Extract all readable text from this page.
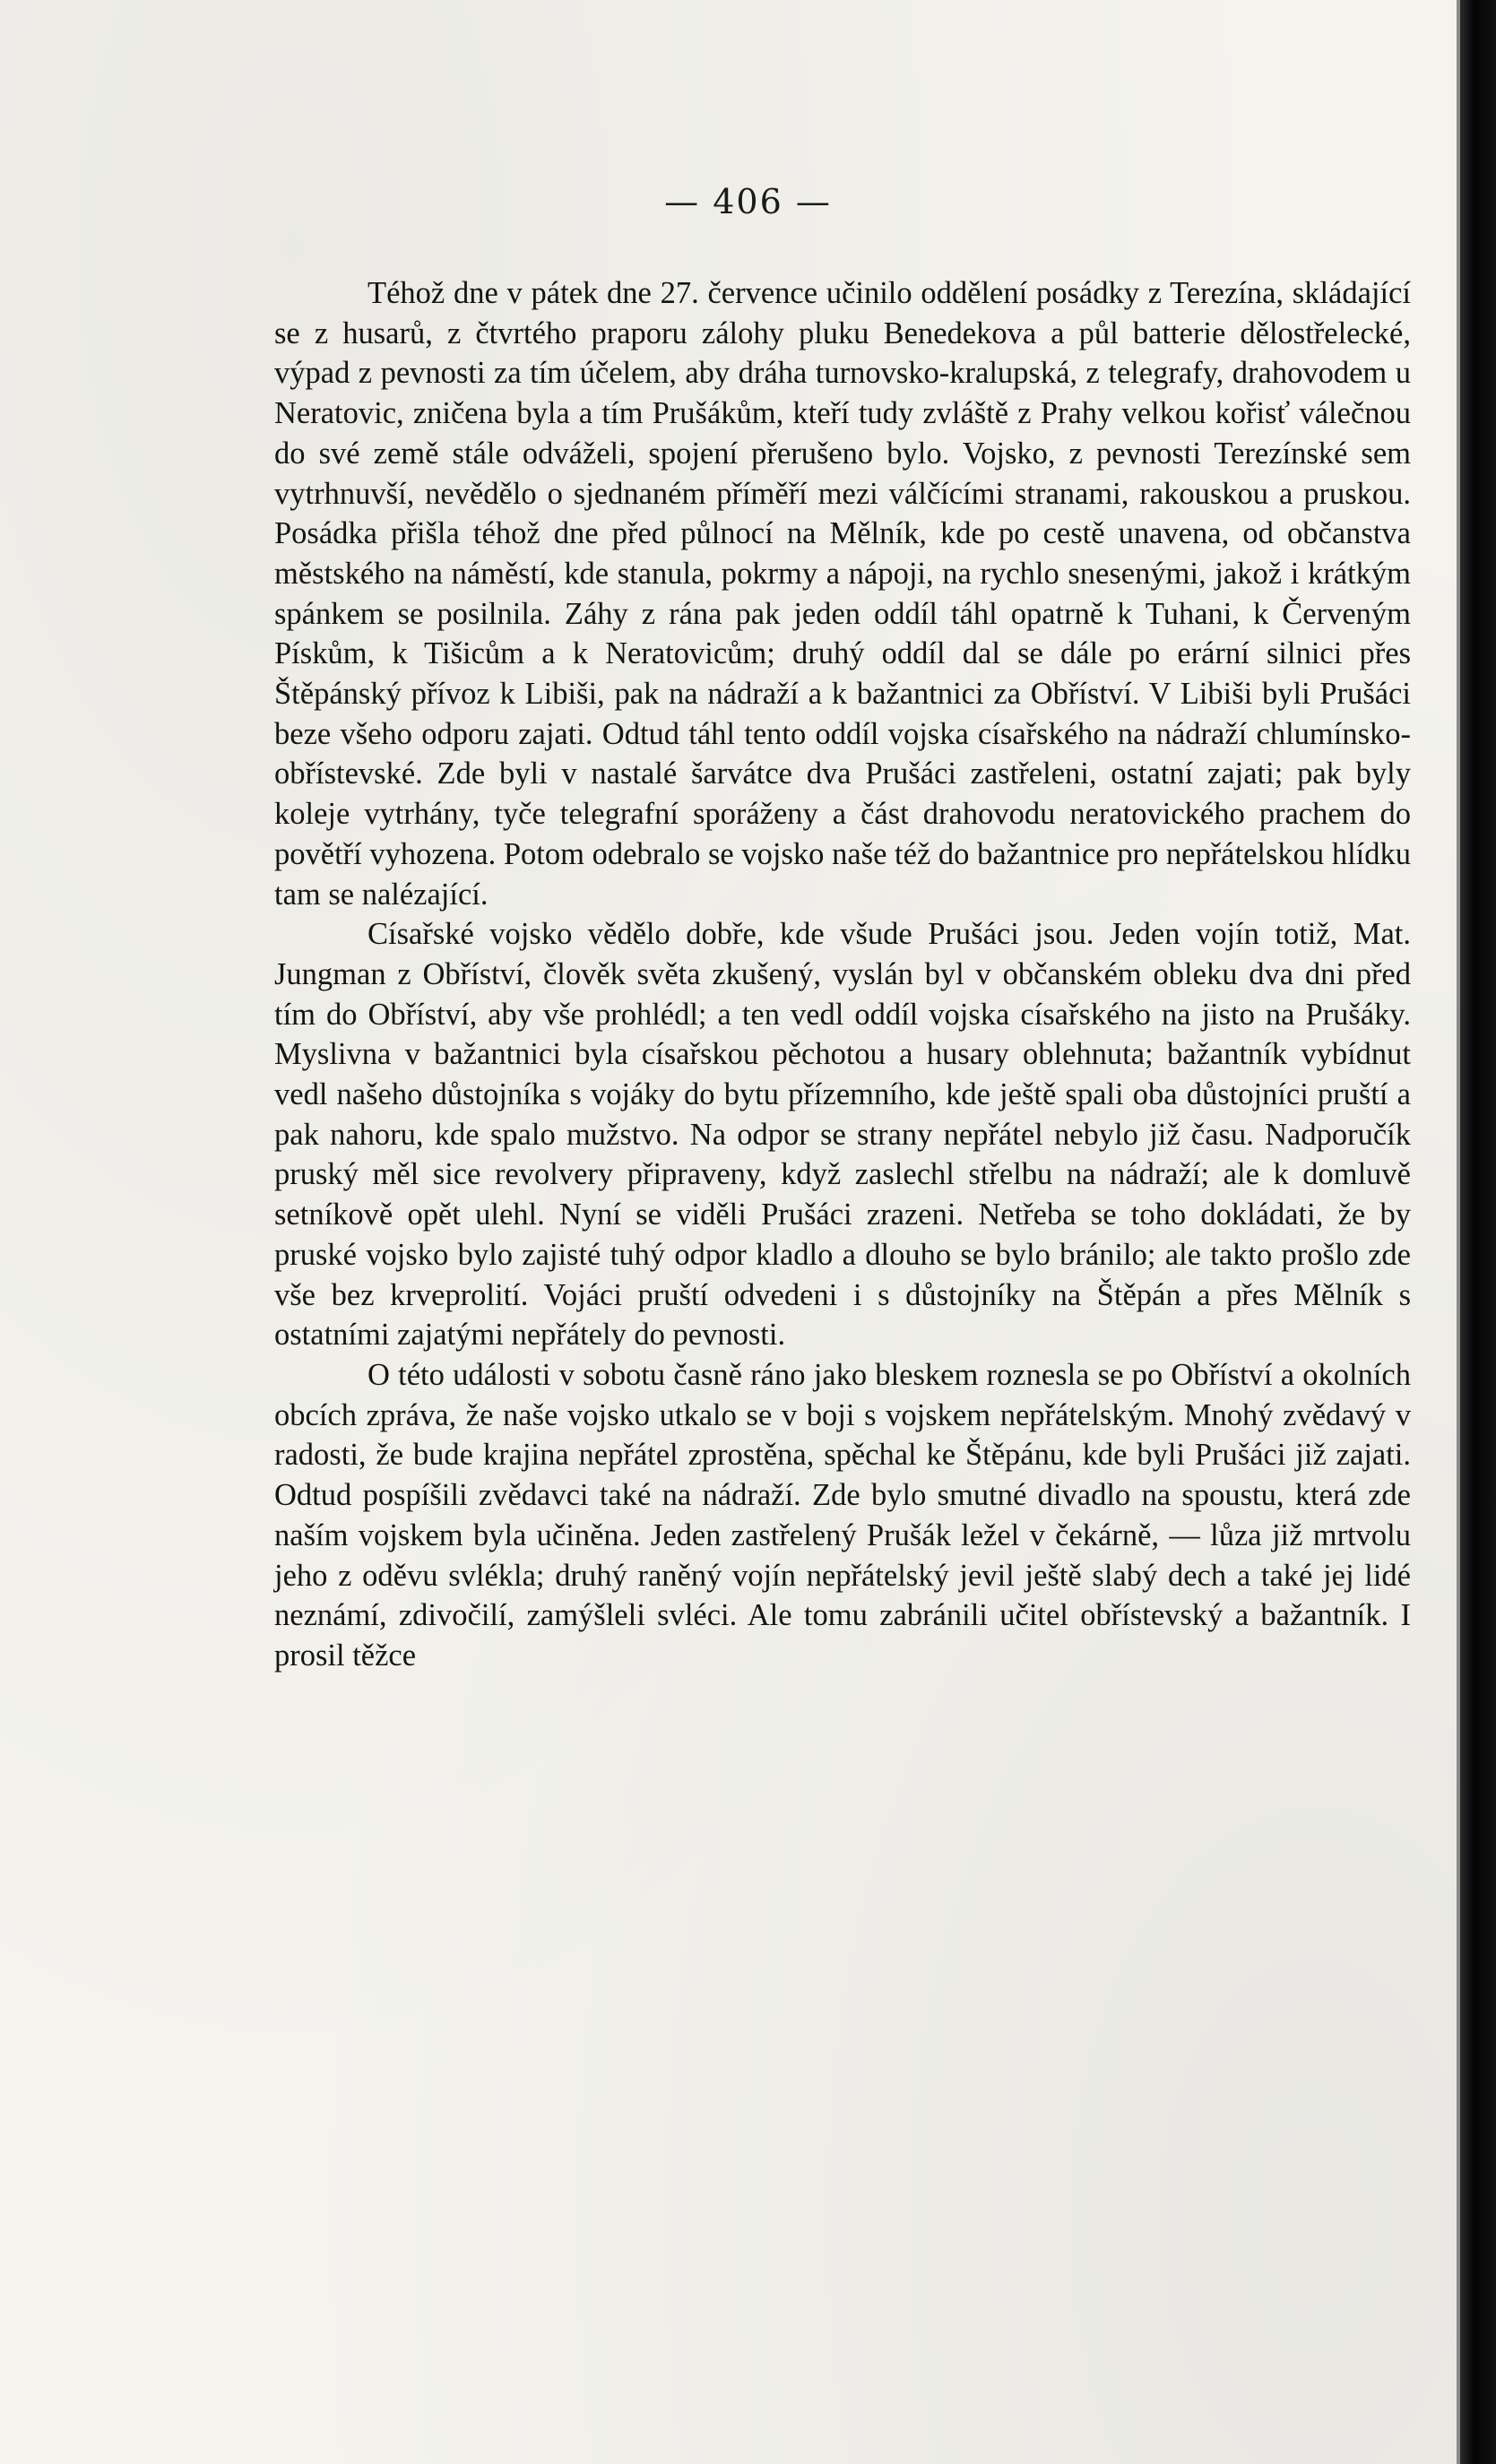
— 406 —

Téhož dne v pátek dne 27. července učinilo oddělení posádky z Terezína, skládající se z husarů, z čtvrtého praporu zálohy pluku Benedekova a půl batterie dělostřelecké, výpad z pevnosti za tím účelem, aby dráha turnovsko-kralupská, z telegrafy, drahovodem u Neratovic, zničena byla a tím Prušákům, kteří tudy zvláště z Prahy velkou kořisť válečnou do své země stále odváželi, spojení přerušeno bylo. Vojsko, z pevnosti Terezínské sem vytrhnuvší, nevědělo o sjednaném příměří mezi válčícími stranami, rakouskou a pruskou. Posádka přišla téhož dne před půlnocí na Mělník, kde po cestě unavena, od občanstva městského na náměstí, kde stanula, pokrmy a nápoji, na rychlo snesenými, jakož i krátkým spánkem se posilnila. Záhy z rána pak jeden oddíl táhl opatrně k Tuhani, k Červeným Pískům, k Tišicům a k Neratovicům; druhý oddíl dal se dále po erární silnici přes Štěpánský přívoz k Libiši, pak na nádraží a k bažantnici za Obříství. V Libiši byli Prušáci beze všeho odporu zajati. Odtud táhl tento oddíl vojska císařského na nádraží chlumínsko-obřístevské. Zde byli v nastalé šarvátce dva Prušáci zastřeleni, ostatní zajati; pak byly koleje vytrhány, tyče telegrafní sporáženy a část drahovodu neratovického prachem do povětří vyhozena. Potom odebralo se vojsko naše též do bažantnice pro nepřátelskou hlídku tam se nalézající.

Císařské vojsko vědělo dobře, kde všude Prušáci jsou. Jeden vojín totiž, Mat. Jungman z Obříství, člověk světa zkušený, vyslán byl v občanském obleku dva dni před tím do Obříství, aby vše prohlédl; a ten vedl oddíl vojska císařského na jisto na Prušáky. Myslivna v bažantnici byla císařskou pěchotou a husary oblehnuta; bažantník vybídnut vedl našeho důstojníka s vojáky do bytu přízemního, kde ještě spali oba důstojníci pruští a pak nahoru, kde spalo mužstvo. Na odpor se strany nepřátel nebylo již času. Nadporučík pruský měl sice revolvery připraveny, když zaslechl střelbu na nádraží; ale k domluvě setníkově opět ulehl. Nyní se viděli Prušáci zrazeni. Netřeba se toho dokládati, že by pruské vojsko bylo zajisté tuhý odpor kladlo a dlouho se bylo bránilo; ale takto prošlo zde vše bez krveprolití. Vojáci pruští odvedeni i s důstojníky na Štěpán a přes Mělník s ostatními zajatými nepřátely do pevnosti.

O této události v sobotu časně ráno jako bleskem roznesla se po Obříství a okolních obcích zpráva, že naše vojsko utkalo se v boji s vojskem nepřátelským. Mnohý zvědavý v radosti, že bude krajina nepřátel zprostěna, spěchal ke Štěpánu, kde byli Prušáci již zajati. Odtud pospíšili zvědavci také na nádraží. Zde bylo smutné divadlo na spoustu, která zde naším vojskem byla učiněna. Jeden zastřelený Prušák ležel v čekárně, — lůza již mrtvolu jeho z oděvu svlékla; druhý raněný vojín nepřátelský jevil ještě slabý dech a také jej lidé neznámí, zdivočilí, zamýšleli svléci. Ale tomu zabránili učitel obřístevský a bažantník. I prosil těžce
